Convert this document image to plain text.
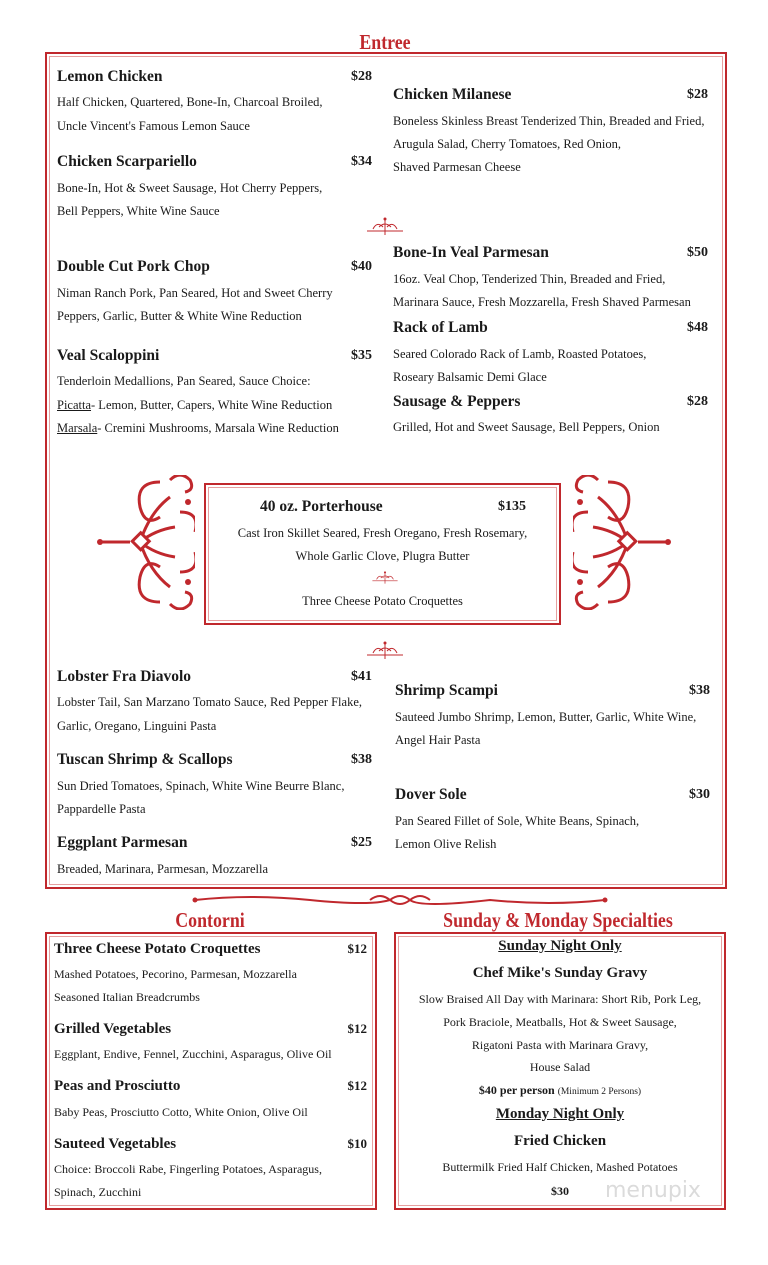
Entree
Lemon Chicken	$28
Half Chicken, Quartered, Bone-In, Charcoal Broiled,
Uncle Vincent's Famous Lemon Sauce
Chicken Scarpariello	$34
Bone-In, Hot & Sweet Sausage, Hot Cherry Peppers,
Bell Peppers, White Wine Sauce
Double Cut Pork Chop	$40
Niman Ranch Pork, Pan Seared, Hot and Sweet Cherry
Peppers, Garlic, Butter & White Wine Reduction
Veal Scaloppini	$35
Tenderloin Medallions, Pan Seared, Sauce Choice:
Picatta- Lemon, Butter, Capers, White Wine Reduction
Marsala- Cremini Mushrooms, Marsala Wine Reduction
Chicken Milanese	$28
Boneless Skinless Breast Tenderized Thin, Breaded and Fried,
Arugula Salad, Cherry Tomatoes, Red Onion,
Shaved Parmesan Cheese
Bone-In Veal Parmesan	$50
16oz. Veal Chop, Tenderized Thin, Breaded and Fried,
Marinara Sauce, Fresh Mozzarella, Fresh Shaved Parmesan
Rack of Lamb	$48
Seared Colorado Rack of Lamb, Roasted Potatoes,
Roseary Balsamic Demi Glace
Sausage & Peppers	$28
Grilled, Hot and Sweet Sausage, Bell Peppers, Onion
40 oz. Porterhouse	$135
Cast Iron Skillet Seared, Fresh Oregano, Fresh Rosemary,
Whole Garlic Clove, Plugra Butter
Three Cheese Potato Croquettes
Lobster Fra Diavolo	$41
Lobster Tail, San Marzano Tomato Sauce, Red Pepper Flake,
Garlic, Oregano, Linguini Pasta
Tuscan Shrimp & Scallops	$38
Sun Dried Tomatoes, Spinach, White Wine Beurre Blanc,
Pappardelle Pasta
Eggplant Parmesan	$25
Breaded, Marinara, Parmesan, Mozzarella
Shrimp Scampi	$38
Sauteed Jumbo Shrimp, Lemon, Butter, Garlic, White Wine,
Angel Hair Pasta
Dover Sole	$30
Pan Seared Fillet of Sole, White Beans, Spinach,
Lemon Olive Relish
Contorni
Three Cheese Potato Croquettes	$12
Mashed Potatoes, Pecorino, Parmesan, Mozzarella
Seasoned Italian Breadcrumbs
Grilled Vegetables	$12
Eggplant, Endive, Fennel, Zucchini, Asparagus, Olive Oil
Peas and Prosciutto	$12
Baby Peas, Prosciutto Cotto, White Onion, Olive Oil
Sauteed Vegetables	$10
Choice: Broccoli Rabe, Fingerling Potatoes, Asparagus,
Spinach, Zucchini
Sunday & Monday Specialties
Sunday Night Only
Chef Mike's Sunday Gravy
Slow Braised All Day with Marinara: Short Rib, Pork Leg,
Pork Braciole, Meatballs, Hot & Sweet Sausage,
Rigatoni Pasta with Marinara Gravy,
House Salad
$40 per person (Minimum 2 Persons)
Monday Night Only
Fried Chicken
Buttermilk Fried Half Chicken, Mashed Potatoes
$30 menupix
